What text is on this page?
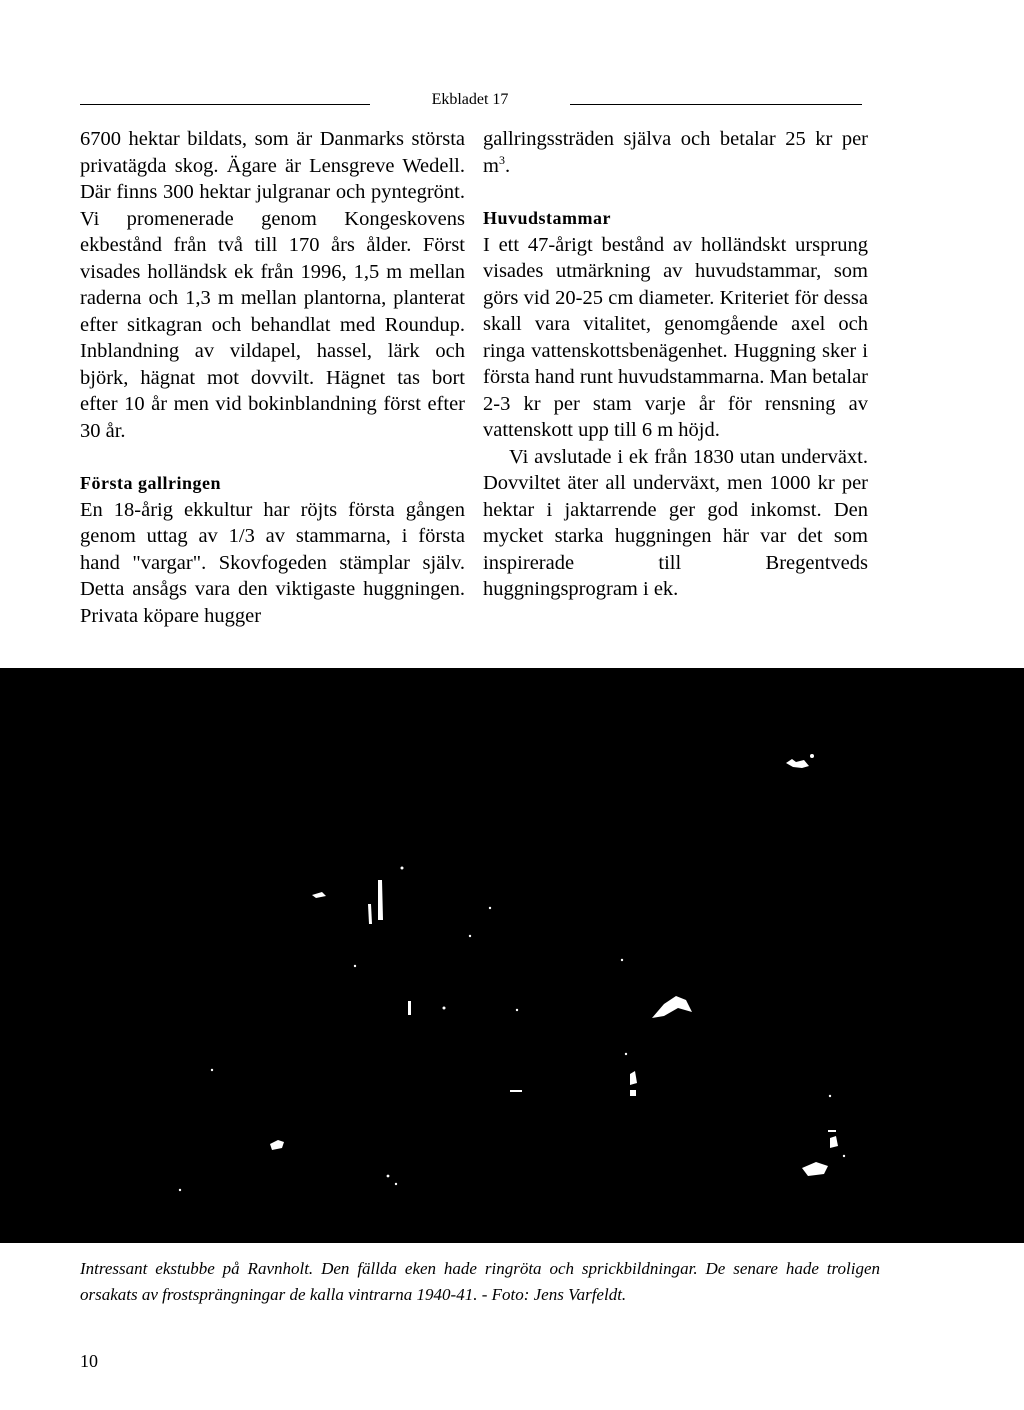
Ekbladet 17

6700 hektar bildats, som är Danmarks största privatägda skog. Ägare är Lensgreve Wedell. Där finns 300 hektar julgranar och pyntegrönt. Vi promenerade genom Kongeskovens ekbestånd från två till 170 års ålder. Först visades holländsk ek från 1996, 1,5 m mellan raderna och 1,3 m mellan plantorna, planterat efter sitkagran och behandlat med Roundup. Inblandning av vildapel, hassel, lärk och björk, hägnat mot dovvilt. Hägnet tas bort efter 10 år men vid bokinblandning först efter 30 år.

Första gallringen

En 18-årig ekkultur har röjts första gången genom uttag av 1/3 av stammarna, i första hand "vargar". Skovfogeden stämplar själv. Detta ansågs vara den viktigaste huggningen. Privata köpare hugger

gallringssträden själva och betalar 25 kr per $m^3$.

Huvudstammar

I ett 47-årigt bestånd av holländskt ursprung visades utmärkning av huvudstammar, som görs vid 20-25 cm diameter. Kriteriet för dessa skall vara vitalitet, genomgående axel och ringa vattenskottsbenägenhet. Huggning sker i första hand runt huvudstammarna. Man betalar 2-3 kr per stam varje år för rensning av vattenskott upp till 6 m höjd.

Vi avslutade i ek från 1830 utan underväxt. Dovviltet äter all underväxt, men 1000 kr per hektar i jaktarrende ger god inkomst. Den mycket starka huggningen här var det som inspirerade till Bregentveds huggningsprogram i ek.

Intressant ekstubbe på Ravnholt. Den fällda eken hade ringröta och sprickbildningar. De senare hade troligen orsakats av frostsprängningar de kalla vintrarna 1940-41. - Foto: Jens Varfeldt.
10
